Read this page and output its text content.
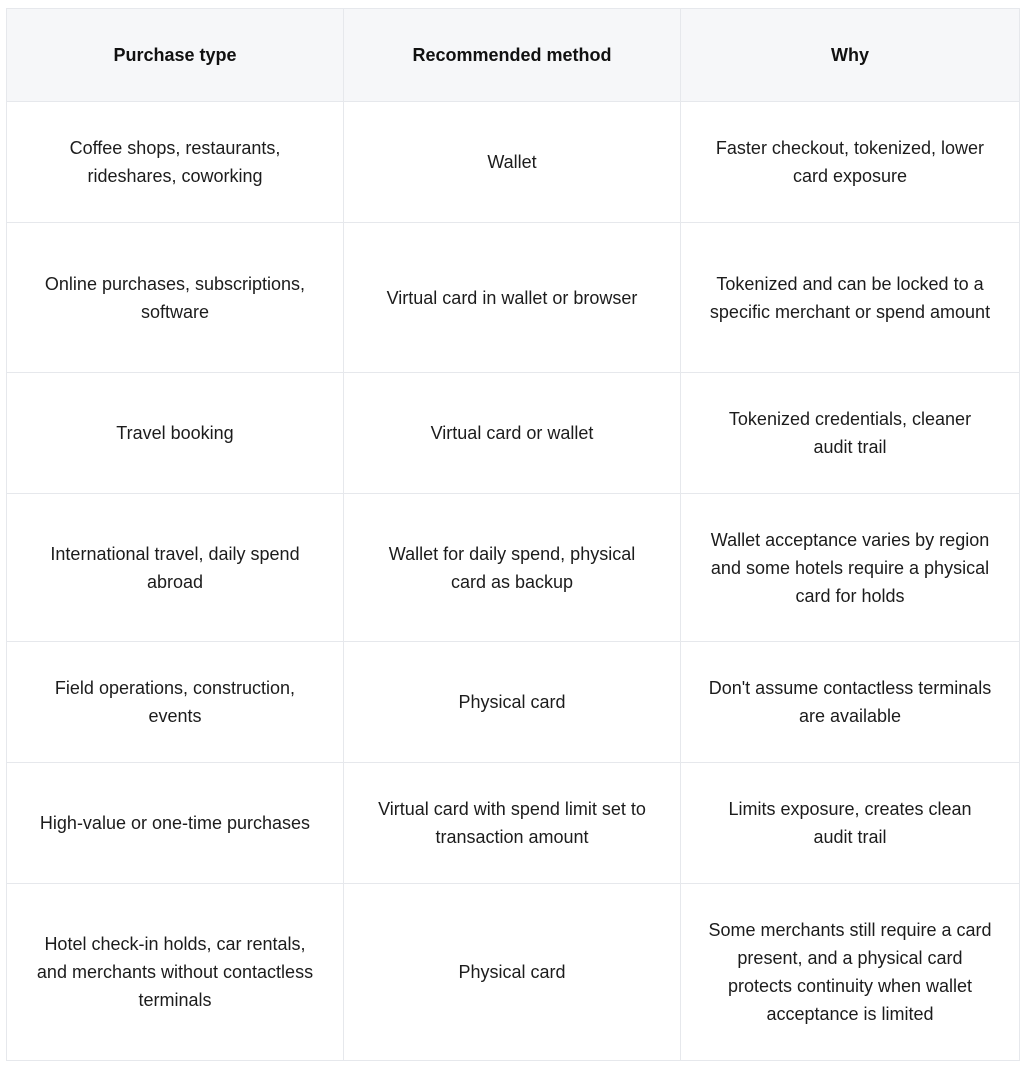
Purchase type	Recommended method	Why
Coffee shops, restaurants, rideshares, coworking	Wallet	Faster checkout, tokenized, lower card exposure
Online purchases, subscriptions, software	Virtual card in wallet or browser	Tokenized and can be locked to a specific merchant or spend amount
Travel booking	Virtual card or wallet	Tokenized credentials, cleaner audit trail
International travel, daily spend abroad	Wallet for daily spend, physical card as backup	Wallet acceptance varies by region and some hotels require a physical card for holds
Field operations, construction, events	Physical card	Don't assume contactless terminals are available
High-value or one-time purchases	Virtual card with spend limit set to transaction amount	Limits exposure, creates clean audit trail
Hotel check-in holds, car rentals, and merchants without contactless terminals	Physical card	Some merchants still require a card present, and a physical card protects continuity when wallet acceptance is limited
